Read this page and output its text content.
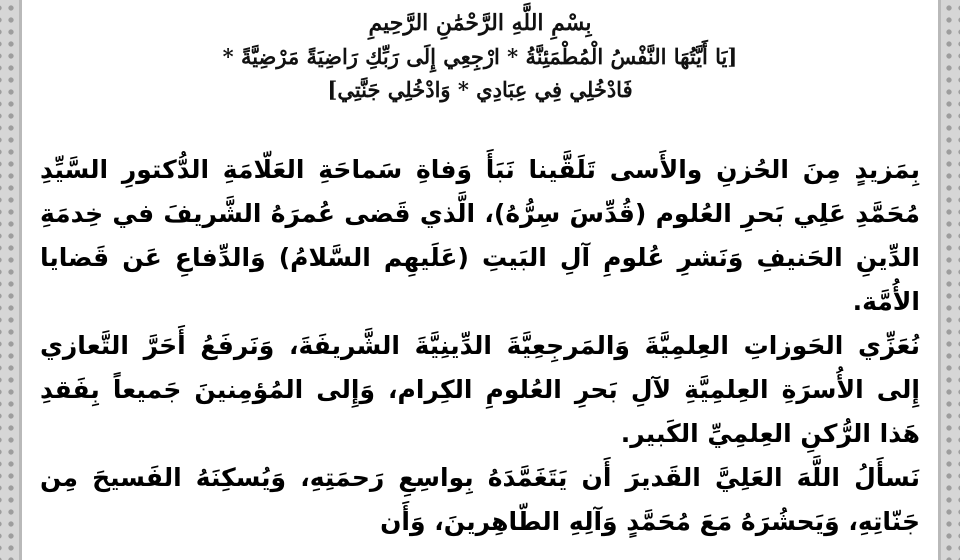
بِسْمِ اللَّهِ الرَّحْمَٰنِ الرَّحِيمِ

[يَا أَيَّتُهَا النَّفْسُ الْمُطْمَئِنَّةُ * ارْجِعِي إِلَى رَبِّكِ رَاضِيَةً مَرْضِيَّةً *

فَادْخُلِي فِي عِبَادِي * وَادْخُلِي جَنَّتِي]

بِمَزيدٍ مِنَ الحُزنِ والأَسى تَلَقَّينا نَبَأَ وَفاةِ سَماحَةِ العَلّامَةِ الدُّكتورِ السَّيِّدِ مُحَمَّدِ عَلِي بَحرِ العُلوم (قُدِّسَ سِرُّهُ)، الَّذي قَضى عُمرَهُ الشَّريفَ في خِدمَةِ الدِّينِ الحَنيفِ وَنَشرِ عُلومِ آلِ البَيتِ (عَلَيهِم السَّلامُ) وَالدِّفاعِ عَن قَضايا الأُمَّة.

نُعَزِّي الحَوزاتِ العِلمِيَّةَ وَالمَرجِعِيَّةَ الدِّينِيَّةَ الشَّريفَةَ، وَنَرفَعُ أَحَرَّ التَّعازي إِلى الأُسرَةِ العِلمِيَّةِ لآلِ بَحرِ العُلومِ الكِرام، وَإِلى المُؤمِنينَ جَميعاً بِفَقدِ هَذا الرُّكنِ العِلمِيِّ الكَبير.

نَسأَلُ اللَّهَ العَلِيَّ القَديرَ أَن يَتَغَمَّدَهُ بِواسِعِ رَحمَتِهِ، وَيُسكِنَهُ الفَسيحَ مِن جَنّاتِهِ، وَيَحشُرَهُ مَعَ مُحَمَّدٍ وَآلِهِ الطّاهِرينَ، وَأَن
